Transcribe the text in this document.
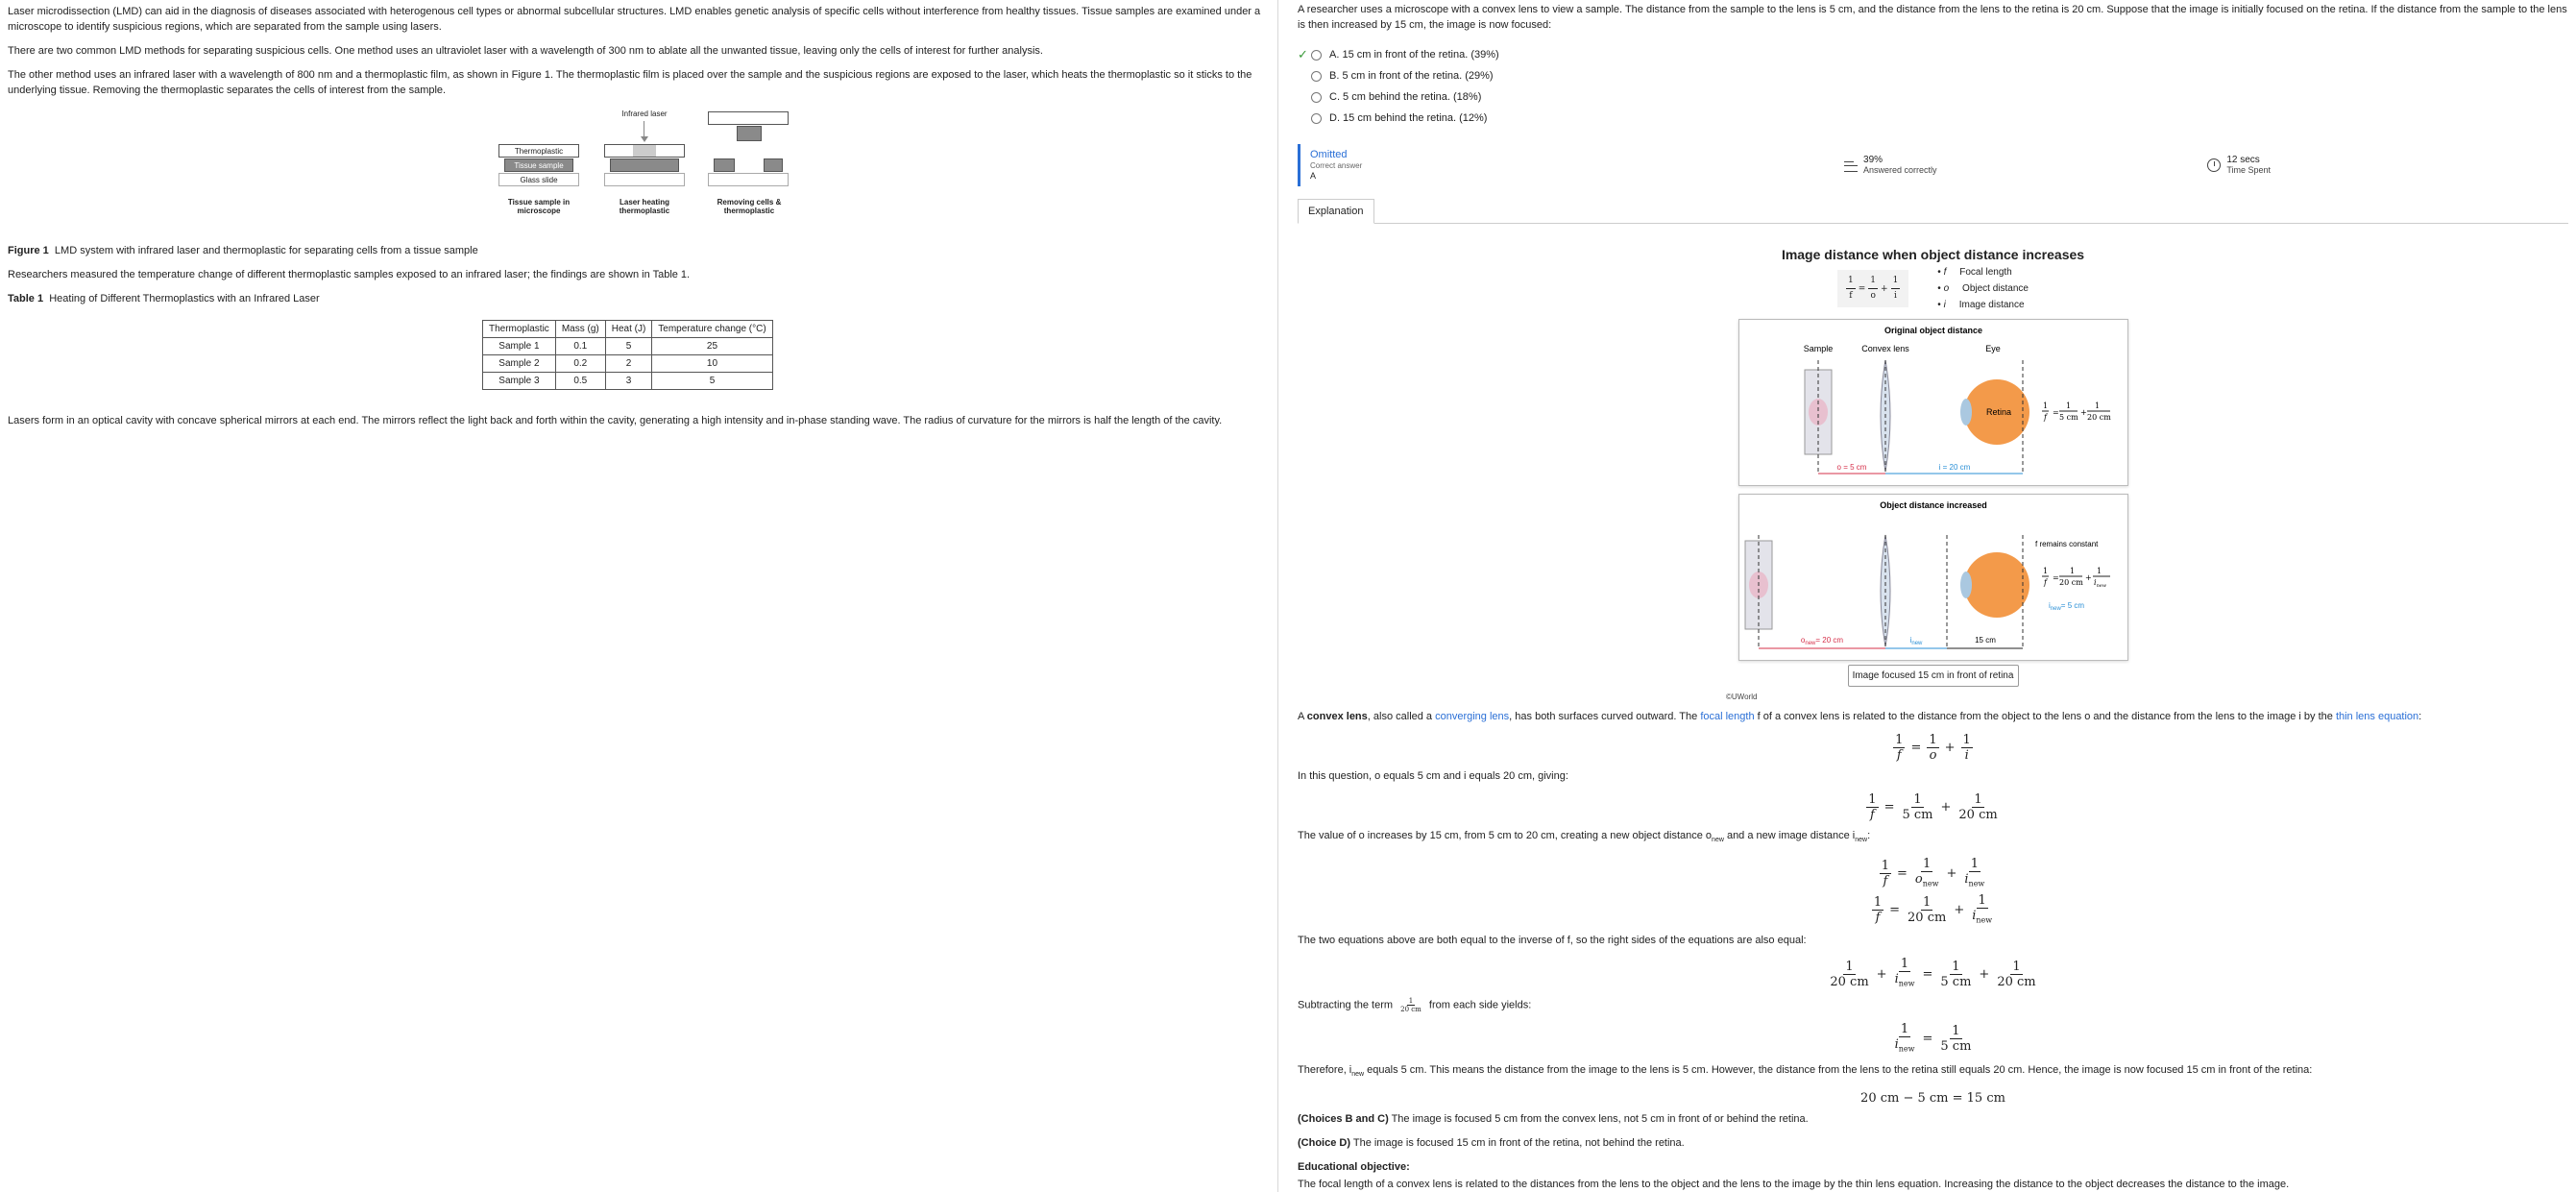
Laser microdissection (LMD) can aid in the diagnosis of diseases associated with heterogenous cell types or abnormal subcellular structures. LMD enables genetic analysis of specific cells without interference from healthy tissues. Tissue samples are examined under a microscope to identify suspicious regions, which are separated from the sample using lasers.

There are two common LMD methods for separating suspicious cells. One method uses an ultraviolet laser with a wavelength of 300 nm to ablate all the unwanted tissue, leaving only the cells of interest for further analysis.

The other method uses an infrared laser with a wavelength of 800 nm and a thermoplastic film, as shown in Figure 1. The thermoplastic film is placed over the sample and the suspicious regions are exposed to the laser, which heats the thermoplastic so it sticks to the underlying tissue. Removing the thermoplastic separates the cells of interest from the sample.

Thermoplastic
Tissue sample
Glass slide
Tissue sample in microscope
Infrared laser
Laser heating thermoplastic
Removing cells & thermoplastic

Figure 1 LMD system with infrared laser and thermoplastic for separating cells from a tissue sample

Researchers measured the temperature change of different thermoplastic samples exposed to an infrared laser; the findings are shown in Table 1.

Table 1 Heating of Different Thermoplastics with an Infrared Laser

Thermoplastic	Mass (g)	Heat (J)	Temperature change (°C)
Sample 1	0.1	5	25
Sample 2	0.2	2	10
Sample 3	0.5	3	5

Lasers form in an optical cavity with concave spherical mirrors at each end. The mirrors reflect the light back and forth within the cavity, generating a high intensity and in-phase standing wave. The radius of curvature for the mirrors is half the length of the cavity.

A researcher uses a microscope with a convex lens to view a sample. The distance from the sample to the lens is 5 cm, and the distance from the lens to the retina is 20 cm. Suppose that the image is initially focused on the retina. If the distance from the sample to the lens is then increased by 15 cm, the image is now focused:

✓ A. 15 cm in front of the retina. (39%)
B. 5 cm in front of the retina. (29%)
C. 5 cm behind the retina. (18%)
D. 15 cm behind the retina. (12%)
Omitted
Correct answer
A
39%
Answered correctly
12 secs
Time Spent
Explanation
Image distance when object distance increases
$\frac{1}{f} = \frac{1}{o} + \frac{1}{i}$
• f Focal length
• o Object distance
• i Image distance
Original object distance
Sample	Convex lens	Eye
Retina
o = 5 cm	i = 20 cm
1
f
=
1
5 cm
+
1
20 cm
Object distance increased
$o_{new}= 20$ cm	$i_{new}$	15 cm
f remains constant
1
f
=
1
20 cm
+
1
$i_{new}$
$i_{new}= 5$ cm
Image focused 15 cm in front of retina
©UWorld

A convex lens, also called a converging lens, has both surfaces curved outward. The focal length f of a convex lens is related to the distance from the object to the lens o and the distance from the lens to the image i by the thin lens equation:

$\frac{1}{f} = \frac{1}{o} + \frac{1}{i}$

In this question, o equals 5 cm and i equals 20 cm, giving:

$\frac{1}{f} = \frac{1}{5 cm} + \frac{1}{20 cm}$

The value of o increases by 15 cm, from 5 cm to 20 cm, creating a new object distance $o_{new}$ and a new image distance $i_{new}$:

$\frac{1}{f} = \frac{1}{o_{new}} + \frac{1}{i_{new}}$
$\frac{1}{f} = \frac{1}{20 cm} + \frac{1}{i_{new}}$

The two equations above are both equal to the inverse of f, so the right sides of the equations are also equal:

$\frac{1}{20 cm} + \frac{1}{i_{new}} = \frac{1}{5 cm} + \frac{1}{20 cm}$

Subtracting the term $\frac{1}{20 cm}$ from each side yields:

$\frac{1}{i_{new}} = \frac{1}{5 cm}$

Therefore, $i_{new}$ equals 5 cm. This means the distance from the image to the lens is 5 cm. However, the distance from the lens to the retina still equals 20 cm. Hence, the image is now focused 15 cm in front of the retina:

20 cm − 5 cm = 15 cm

(Choices B and C) The image is focused 5 cm from the convex lens, not 5 cm in front of or behind the retina.

(Choice D) The image is focused 15 cm in front of the retina, not behind the retina.

Educational objective:

The focal length of a convex lens is related to the distances from the lens to the object and the lens to the image by the thin lens equation. Increasing the distance to the object decreases the distance to the image.
